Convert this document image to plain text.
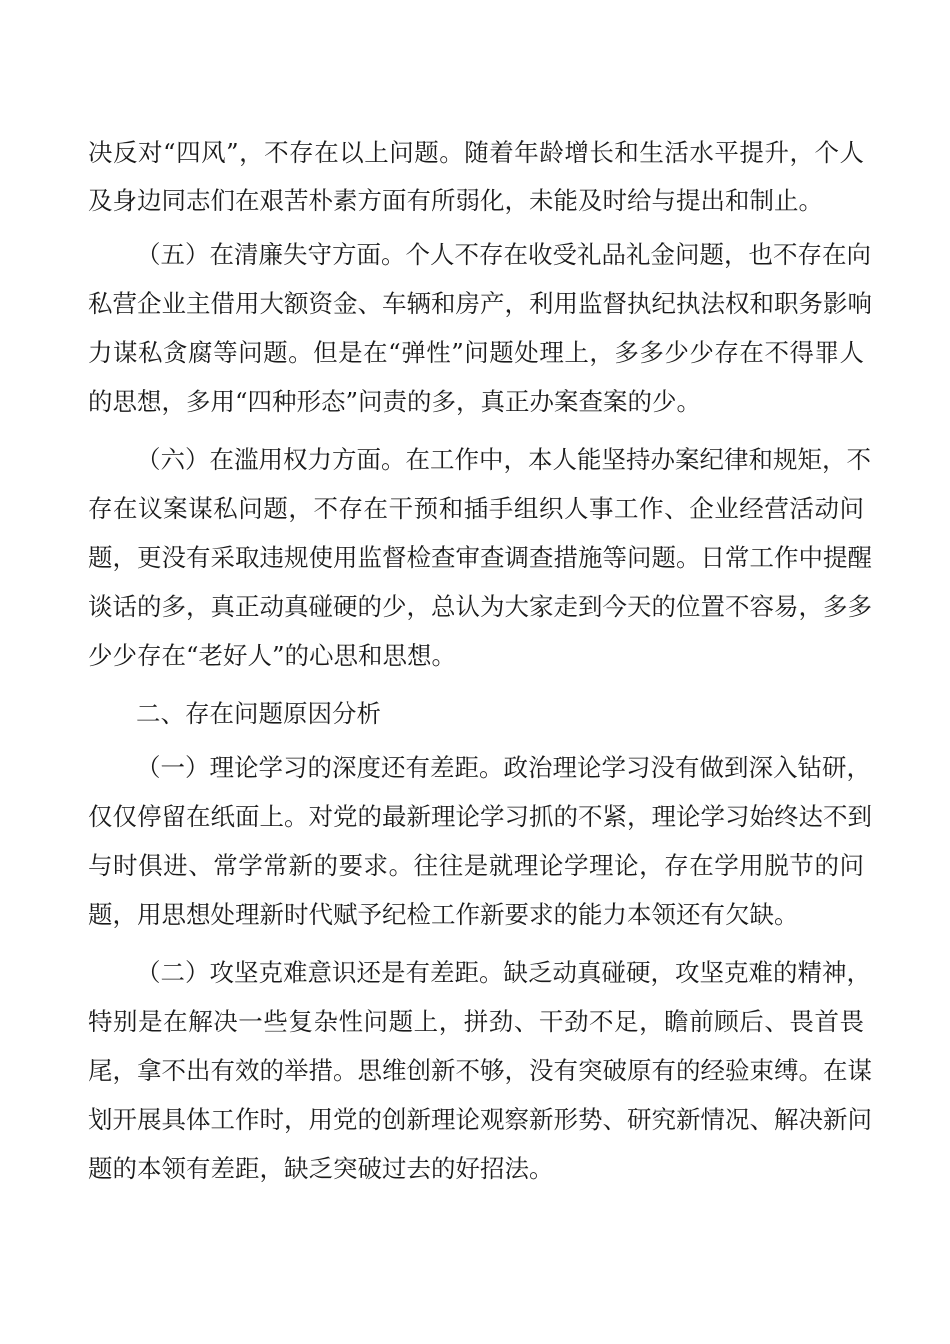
决反对“四风”，不存在以上问题。随着年龄增长和生活水平提升，个人
及身边同志们在艰苦朴素方面有所弱化，未能及时给与提出和制止。
（五）在清廉失守方面。个人不存在收受礼品礼金问题，也不存在向
私营企业主借用大额资金、车辆和房产，利用监督执纪执法权和职务影响
力谋私贪腐等问题。但是在“弹性”问题处理上，多多少少存在不得罪人
的思想，多用“四种形态”问责的多，真正办案查案的少。
（六）在滥用权力方面。在工作中，本人能坚持办案纪律和规矩，不
存在议案谋私问题，不存在干预和插手组织人事工作、企业经营活动问
题，更没有采取违规使用监督检查审查调查措施等问题。日常工作中提醒
谈话的多，真正动真碰硬的少，总认为大家走到今天的位置不容易，多多
少少存在“老好人”的心思和思想。
二、存在问题原因分析
（一）理论学习的深度还有差距。政治理论学习没有做到深入钻研，
仅仅停留在纸面上。对党的最新理论学习抓的不紧，理论学习始终达不到
与时俱进、常学常新的要求。往往是就理论学理论，存在学用脱节的问
题，用思想处理新时代赋予纪检工作新要求的能力本领还有欠缺。
（二）攻坚克难意识还是有差距。缺乏动真碰硬，攻坚克难的精神，
特别是在解决一些复杂性问题上，拼劲、干劲不足，瞻前顾后、畏首畏
尾，拿不出有效的举措。思维创新不够，没有突破原有的经验束缚。在谋
划开展具体工作时，用党的创新理论观察新形势、研究新情况、解决新问
题的本领有差距，缺乏突破过去的好招法。
